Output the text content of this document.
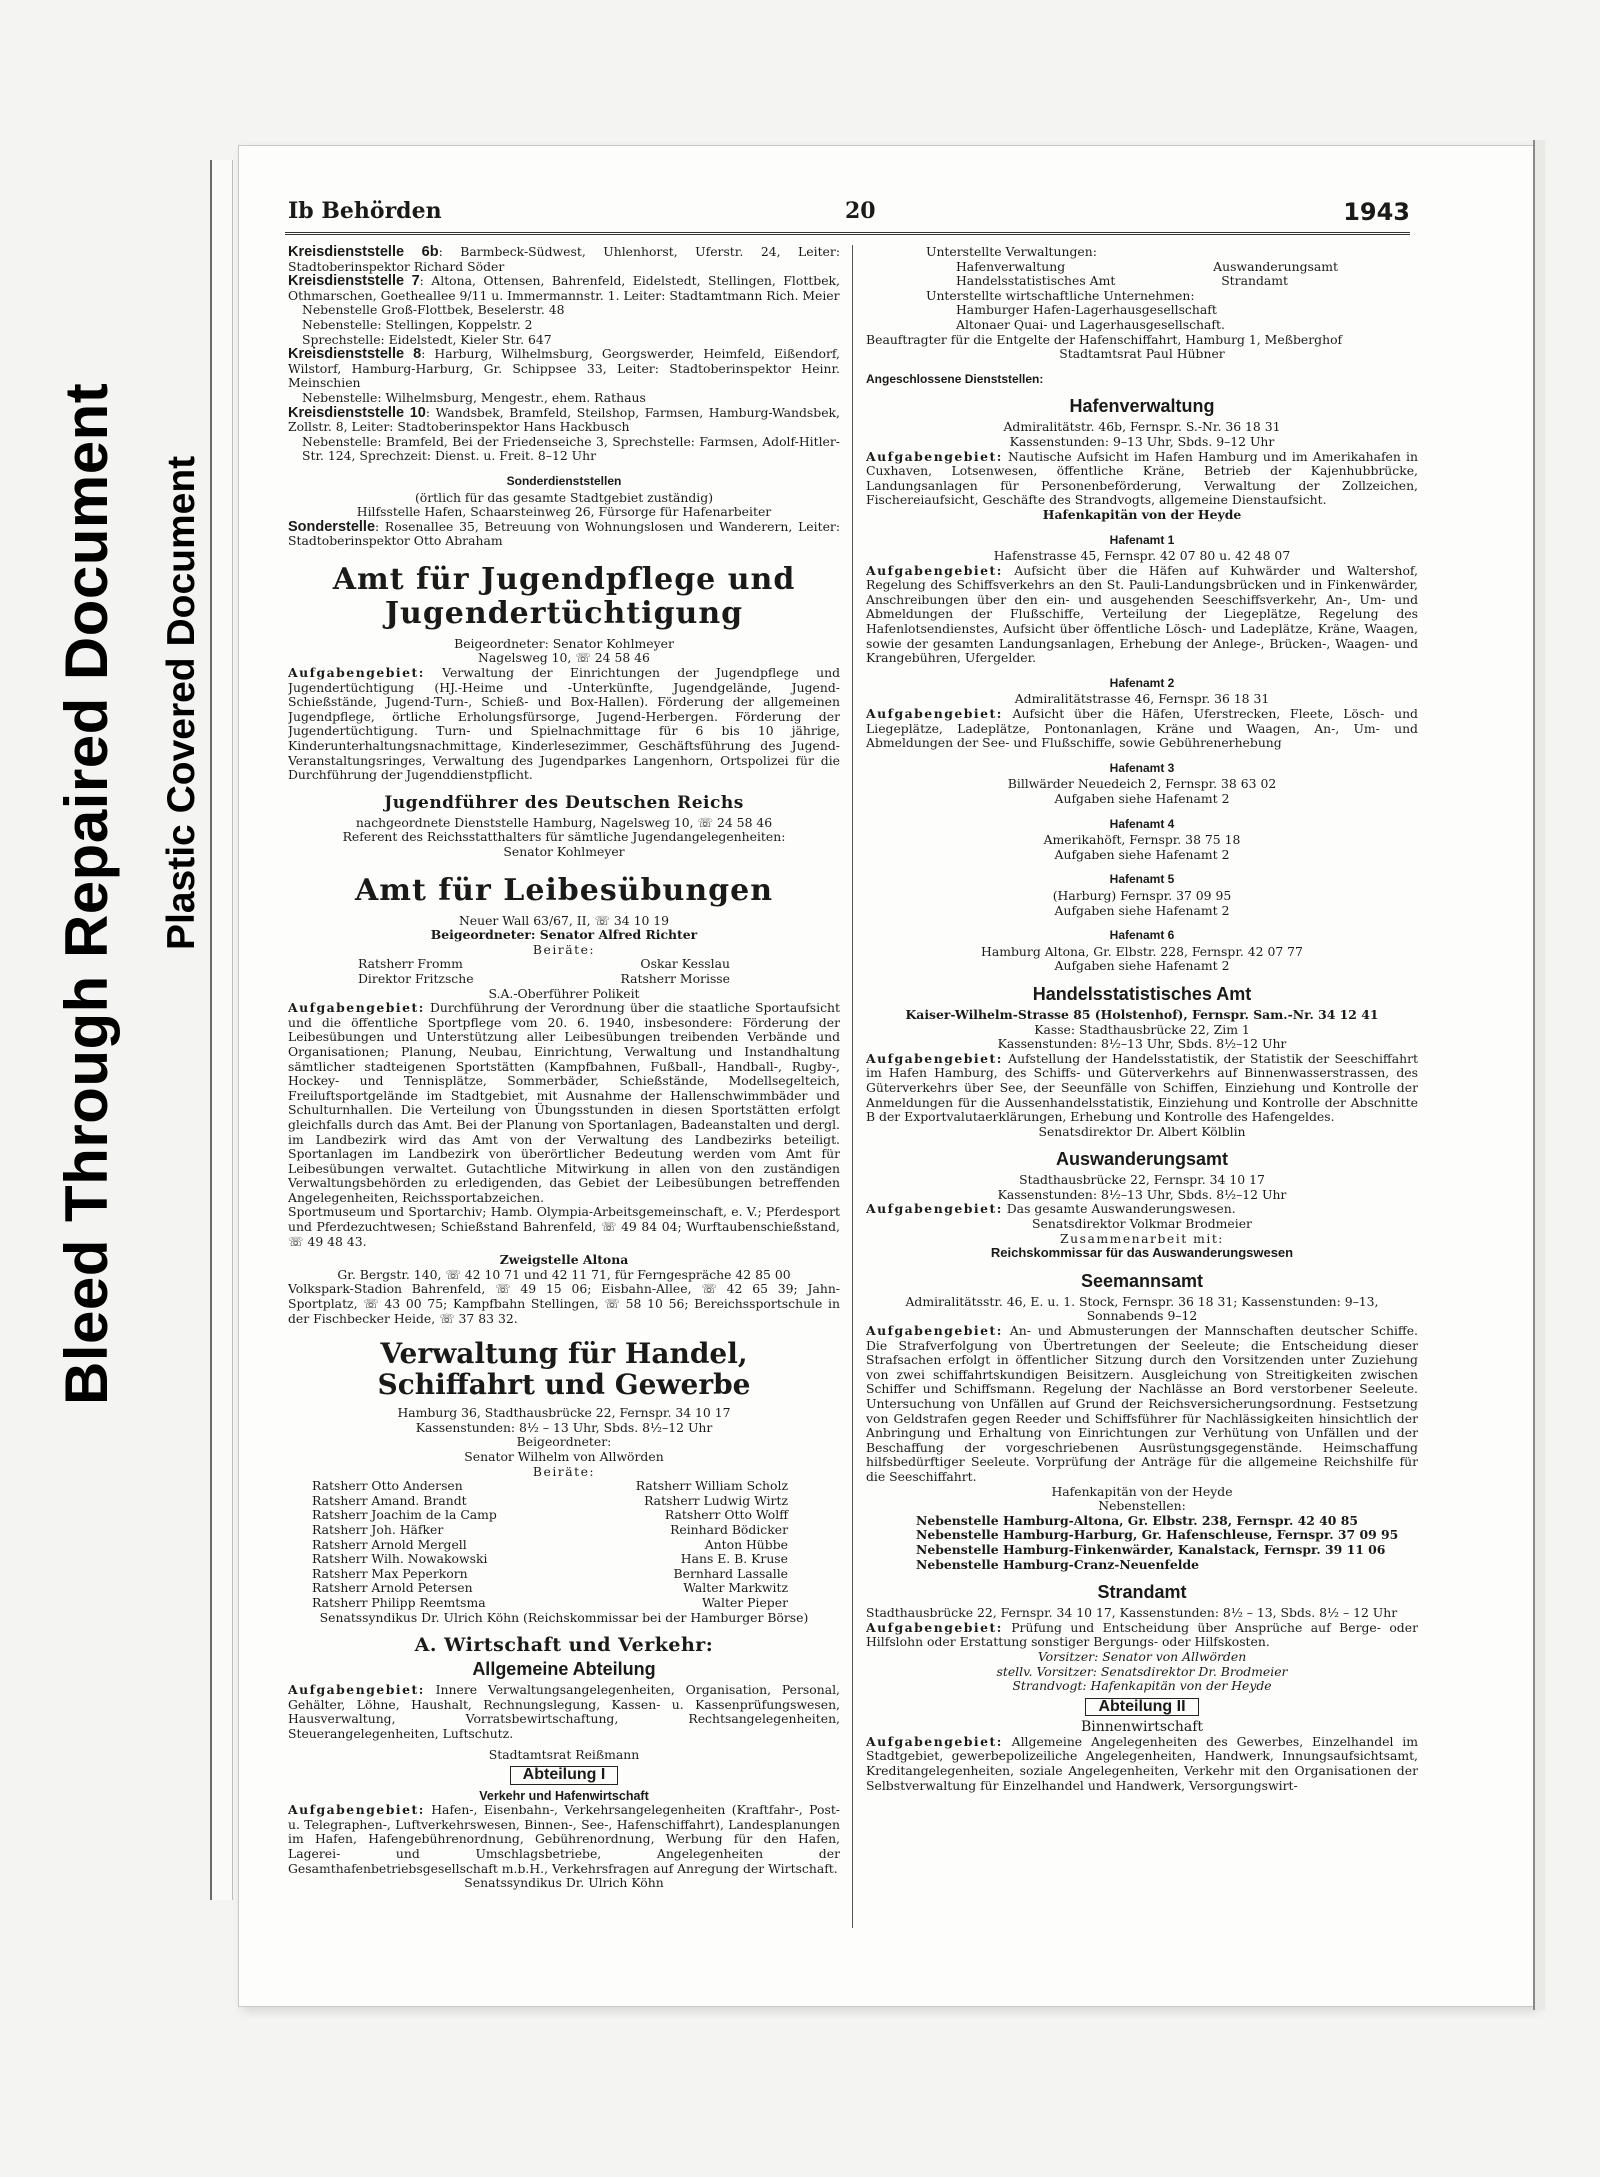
Bleed Through Repaired Document Plastic Covered Document
Ib Behörden	20	1943

Kreisdienststelle 6b: Barmbeck-Südwest, Uhlenhorst, Uferstr. 24, Leiter: Stadtoberinspektor Richard Söder

Kreisdienststelle 7: Altona, Ottensen, Bahrenfeld, Eidelstedt, Stellingen, Flottbek, Othmarschen, Goetheallee 9/11 u. Immermannstr. 1. Leiter: Stadtamtmann Rich. Meier

Nebenstelle Groß-Flottbek, Beselerstr. 48
Nebenstelle: Stellingen, Koppelstr. 2
Sprechstelle: Eidelstedt, Kieler Str. 647

Kreisdienststelle 8: Harburg, Wilhelmsburg, Georgswerder, Heimfeld, Eißendorf, Wilstorf, Hamburg-Harburg, Gr. Schippsee 33, Leiter: Stadtoberinspektor Heinr. Meinschien

Nebenstelle: Wilhelmsburg, Mengestr., ehem. Rathaus

Kreisdienststelle 10: Wandsbek, Bramfeld, Steilshop, Farmsen, Hamburg-Wandsbek, Zollstr. 8, Leiter: Stadtoberinspektor Hans Hackbusch

Nebenstelle: Bramfeld, Bei der Friedenseiche 3, Sprechstelle: Farmsen, Adolf-Hitler-Str. 124, Sprechzeit: Dienst. u. Freit. 8–12 Uhr

Sonderdienststellen
(örtlich für das gesamte Stadtgebiet zuständig)
Hilfsstelle Hafen, Schaarsteinweg 26, Fürsorge für Hafenarbeiter

Sonderstelle: Rosenallee 35, Betreuung von Wohnungslosen und Wanderern, Leiter: Stadtoberinspektor Otto Abraham

Amt für Jugendpflege und
Jugendertüchtigung
Beigeordneter: Senator Kohlmeyer
Nagelsweg 10, ☏ 24 58 46

Aufgabengebiet: Verwaltung der Einrichtungen der Jugendpflege und Jugendertüchtigung (HJ.-Heime und -Unterkünfte, Jugendgelände, Jugend-Schießstände, Jugend-Turn-, Schieß- und Box-Hallen). Förderung der allgemeinen Jugendpflege, örtliche Erholungsfürsorge, Jugend-Herbergen. Förderung der Jugendertüchtigung. Turn- und Spielnachmittage für 6 bis 10 jährige, Kinderunterhaltungsnachmittage, Kinderlesezimmer, Geschäftsführung des Jugend-Veranstaltungsringes, Verwaltung des Jugendparkes Langenhorn, Ortspolizei für die Durchführung der Jugenddienstpflicht.

Jugendführer des Deutschen Reichs
nachgeordnete Dienststelle Hamburg, Nagelsweg 10, ☏ 24 58 46
Referent des Reichsstatthalters für sämtliche Jugendangelegenheiten:
Senator Kohlmeyer
Amt für Leibesübungen
Neuer Wall 63/67, II, ☏ 34 10 19
Beigeordneter: Senator Alfred Richter
Beiräte:
Ratsherr Fromm	Oskar Kesslau
Direktor Fritzsche	Ratsherr Morisse
S.A.-Oberführer Polikeit

Aufgabengebiet: Durchführung der Verordnung über die staatliche Sportaufsicht und die öffentliche Sportpflege vom 20. 6. 1940, insbesondere: Förderung der Leibesübungen und Unterstützung aller Leibesübungen treibenden Verbände und Organisationen; Planung, Neubau, Einrichtung, Verwaltung und Instandhaltung sämtlicher stadteigenen Sportstätten (Kampfbahnen, Fußball-, Handball-, Rugby-, Hockey- und Tennisplätze, Sommerbäder, Schießstände, Modellsegelteich, Freiluftsportgelände im Stadtgebiet, mit Ausnahme der Hallenschwimmbäder und Schulturnhallen. Die Verteilung von Übungsstunden in diesen Sportstätten erfolgt gleichfalls durch das Amt. Bei der Planung von Sportanlagen, Badeanstalten und dergl. im Landbezirk wird das Amt von der Verwaltung des Landbezirks beteiligt. Sportanlagen im Landbezirk von überörtlicher Bedeutung werden vom Amt für Leibesübungen verwaltet. Gutachtliche Mitwirkung in allen von den zuständigen Verwaltungsbehörden zu erledigenden, das Gebiet der Leibesübungen betreffenden Angelegenheiten, Reichssportabzeichen.

Sportmuseum und Sportarchiv; Hamb. Olympia-Arbeitsgemeinschaft, e. V.; Pferdesport und Pferdezuchtwesen; Schießstand Bahrenfeld, ☏ 49 84 04; Wurftaubenschießstand, ☏ 49 48 43.

Zweigstelle Altona
Gr. Bergstr. 140, ☏ 42 10 71 und 42 11 71, für Ferngespräche 42 85 00

Volkspark-Stadion Bahrenfeld, ☏ 49 15 06; Eisbahn-Allee, ☏ 42 65 39; Jahn-Sportplatz, ☏ 43 00 75; Kampfbahn Stellingen, ☏ 58 10 56; Bereichssportschule in der Fischbecker Heide, ☏ 37 83 32.

Verwaltung für Handel,
Schiffahrt und Gewerbe
Hamburg 36, Stadthausbrücke 22, Fernspr. 34 10 17
Kassenstunden: 8½ – 13 Uhr, Sbds. 8½–12 Uhr
Beigeordneter:
Senator Wilhelm von Allwörden
Beiräte:
Ratsherr Otto Andersen	Ratsherr William Scholz
Ratsherr Amand. Brandt	Ratsherr Ludwig Wirtz
Ratsherr Joachim de la Camp	Ratsherr Otto Wolff
Ratsherr Joh. Häfker	Reinhard Bödicker
Ratsherr Arnold Mergell	Anton Hübbe
Ratsherr Wilh. Nowakowski	Hans E. B. Kruse
Ratsherr Max Peperkorn	Bernhard Lassalle
Ratsherr Arnold Petersen	Walter Markwitz
Ratsherr Philipp Reemtsma	Walter Pieper
Senatssyndikus Dr. Ulrich Köhn (Reichskommissar bei der Hamburger Börse)
A. Wirtschaft und Verkehr:
Allgemeine Abteilung

Aufgabengebiet: Innere Verwaltungsangelegenheiten, Organisation, Personal, Gehälter, Löhne, Haushalt, Rechnungslegung, Kassen- u. Kassenprüfungswesen, Hausverwaltung, Vorratsbewirtschaftung, Rechtsangelegenheiten, Steuerangelegenheiten, Luftschutz.

Stadtamtsrat Reißmann
Abteilung I
Verkehr und Hafenwirtschaft

Aufgabengebiet: Hafen-, Eisenbahn-, Verkehrsangelegenheiten (Kraftfahr-, Post- u. Telegraphen-, Luftverkehrswesen, Binnen-, See-, Hafenschiffahrt), Landesplanungen im Hafen, Hafengebührenordnung, Gebührenordnung, Werbung für den Hafen, Lagerei- und Umschlagsbetriebe, Angelegenheiten der Gesamthafenbetriebsgesellschaft m.b.H., Verkehrsfragen auf Anregung der Wirtschaft.

Senatssyndikus Dr. Ulrich Köhn
Unterstellte Verwaltungen:
Hafenverwaltung	Auswanderungsamt
Handelsstatistisches Amt	Strandamt
Unterstellte wirtschaftliche Unternehmen:
Hamburger Hafen-Lagerhausgesellschaft
Altonaer Quai- und Lagerhausgesellschaft.
Beauftragter für die Entgelte der Hafenschiffahrt, Hamburg 1, Meßberghof
Stadtamtsrat Paul Hübner
Angeschlossene Dienststellen:
Hafenverwaltung
Admiralitätstr. 46b, Fernspr. S.-Nr. 36 18 31
Kassenstunden: 9–13 Uhr, Sbds. 9–12 Uhr

Aufgabengebiet: Nautische Aufsicht im Hafen Hamburg und im Amerikahafen in Cuxhaven, Lotsenwesen, öffentliche Kräne, Betrieb der Kajenhubbrücke, Landungsanlagen für Personenbeförderung, Verwaltung der Zollzeichen, Fischereiaufsicht, Geschäfte des Strandvogts, allgemeine Dienstaufsicht.

Hafenkapitän von der Heyde
Hafenamt 1
Hafenstrasse 45, Fernspr. 42 07 80 u. 42 48 07

Aufgabengebiet: Aufsicht über die Häfen auf Kuhwärder und Waltershof, Regelung des Schiffsverkehrs an den St. Pauli-Landungsbrücken und in Finkenwärder, Anschreibungen über den ein- und ausgehenden Seeschiffsverkehr, An-, Um- und Abmeldungen der Flußschiffe, Verteilung der Liegeplätze, Regelung des Hafenlotsendienstes, Aufsicht über öffentliche Lösch- und Ladeplätze, Kräne, Waagen, sowie der gesamten Landungsanlagen, Erhebung der Anlege-, Brücken-, Waagen- und Krangebühren, Ufergelder.

Hafenamt 2
Admiralitätstrasse 46, Fernspr. 36 18 31

Aufgabengebiet: Aufsicht über die Häfen, Uferstrecken, Fleete, Lösch- und Liegeplätze, Ladeplätze, Pontonanlagen, Kräne und Waagen, An-, Um- und Abmeldungen der See- und Flußschiffe, sowie Gebührenerhebung

Hafenamt 3
Billwärder Neuedeich 2, Fernspr. 38 63 02
Aufgaben siehe Hafenamt 2
Hafenamt 4
Amerikahöft, Fernspr. 38 75 18
Aufgaben siehe Hafenamt 2
Hafenamt 5
(Harburg) Fernspr. 37 09 95
Aufgaben siehe Hafenamt 2
Hafenamt 6
Hamburg Altona, Gr. Elbstr. 228, Fernspr. 42 07 77
Aufgaben siehe Hafenamt 2
Handelsstatistisches Amt
Kaiser-Wilhelm-Strasse 85 (Holstenhof), Fernspr. Sam.-Nr. 34 12 41
Kasse: Stadthausbrücke 22, Zim 1
Kassenstunden: 8½–13 Uhr, Sbds. 8½–12 Uhr

Aufgabengebiet: Aufstellung der Handelsstatistik, der Statistik der Seeschiffahrt im Hafen Hamburg, des Schiffs- und Güterverkehrs auf Binnenwasserstrassen, des Güterverkehrs über See, der Seeunfälle von Schiffen, Einziehung und Kontrolle der Anmeldungen für die Aussenhandelsstatistik, Einziehung und Kontrolle der Abschnitte B der Exportvalutaerklärungen, Erhebung und Kontrolle des Hafengeldes.

Senatsdirektor Dr. Albert Kölblin
Auswanderungsamt
Stadthausbrücke 22, Fernspr. 34 10 17
Kassenstunden: 8½–13 Uhr, Sbds. 8½–12 Uhr

Aufgabengebiet: Das gesamte Auswanderungswesen.

Senatsdirektor Volkmar Brodmeier
Zusammenarbeit mit:
Reichskommissar für das Auswanderungswesen
Seemannsamt

Admiralitätsstr. 46, E. u. 1. Stock, Fernspr. 36 18 31; Kassenstunden: 9–13, Sonnabends 9–12

Aufgabengebiet: An- und Abmusterungen der Mannschaften deutscher Schiffe. Die Strafverfolgung von Übertretungen der Seeleute; die Entscheidung dieser Strafsachen erfolgt in öffentlicher Sitzung durch den Vorsitzenden unter Zuziehung von zwei schiffahrtskundigen Beisitzern. Ausgleichung von Streitigkeiten zwischen Schiffer und Schiffsmann. Regelung der Nachlässe an Bord verstorbener Seeleute. Untersuchung von Unfällen auf Grund der Reichsversicherungsordnung. Festsetzung von Geldstrafen gegen Reeder und Schiffsführer für Nachlässigkeiten hinsichtlich der Anbringung und Erhaltung von Einrichtungen zur Verhütung von Unfällen und der Beschaffung der vorgeschriebenen Ausrüstungsgegenstände. Heimschaffung hilfsbedürftiger Seeleute. Vorprüfung der Anträge für die allgemeine Reichshilfe für die Seeschiffahrt.

Hafenkapitän von der Heyde
Nebenstellen:
Nebenstelle Hamburg-Altona, Gr. Elbstr. 238, Fernspr. 42 40 85
Nebenstelle Hamburg-Harburg, Gr. Hafenschleuse, Fernspr. 37 09 95
Nebenstelle Hamburg-Finkenwärder, Kanalstack, Fernspr. 39 11 06
Nebenstelle Hamburg-Cranz-Neuenfelde
Strandamt

Stadthausbrücke 22, Fernspr. 34 10 17, Kassenstunden: 8½ – 13, Sbds. 8½ – 12 Uhr

Aufgabengebiet: Prüfung und Entscheidung über Ansprüche auf Berge- oder Hilfslohn oder Erstattung sonstiger Bergungs- oder Hilfskosten.

Vorsitzer: Senator von Allwörden
stellv. Vorsitzer: Senatsdirektor Dr. Brodmeier
Strandvogt: Hafenkapitän von der Heyde
Abteilung II
Binnenwirtschaft

Aufgabengebiet: Allgemeine Angelegenheiten des Gewerbes, Einzelhandel im Stadtgebiet, gewerbepolizeiliche Angelegenheiten, Handwerk, Innungsaufsichtsamt, Kreditangelegenheiten, soziale Angelegenheiten, Verkehr mit den Organisationen der Selbstverwaltung für Einzelhandel und Handwerk, Versorgungswirt-
